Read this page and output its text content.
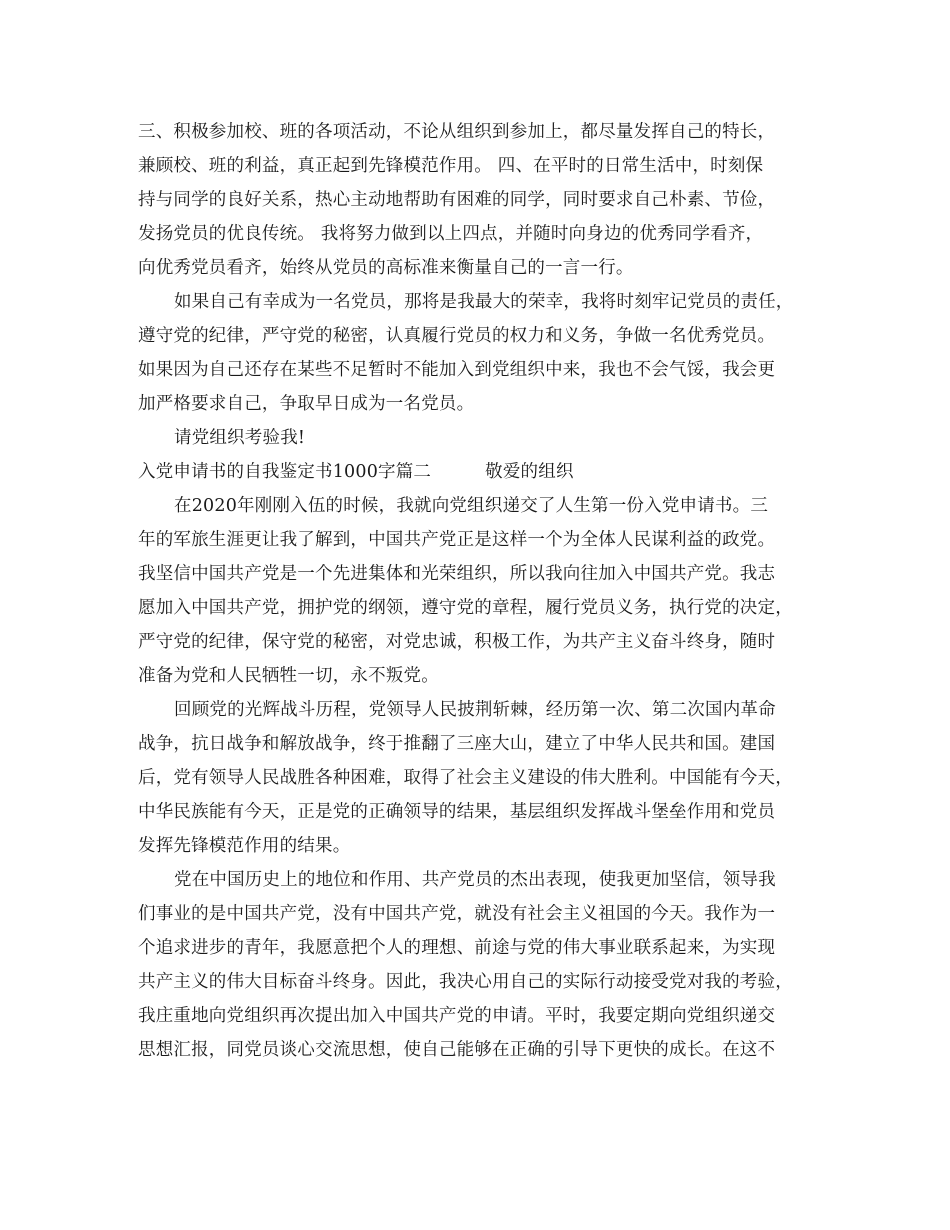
三、积极参加校、班的各项活动，不论从组织到参加上，都尽量发挥自己的特长，
兼顾校、班的利益，真正起到先锋模范作用。 四、在平时的日常生活中，时刻保
持与同学的良好关系，热心主动地帮助有困难的同学，同时要求自己朴素、节俭，
发扬党员的优良传统。 我将努力做到以上四点，并随时向身边的优秀同学看齐，
向优秀党员看齐，始终从党员的高标准来衡量自己的一言一行。
如果自己有幸成为一名党员，那将是我最大的荣幸，我将时刻牢记党员的责任，
遵守党的纪律，严守党的秘密，认真履行党员的权力和义务，争做一名优秀党员。
如果因为自己还存在某些不足暂时不能加入到党组织中来，我也不会气馁，我会更
加严格要求自己，争取早日成为一名党员。
请党组织考验我!
入党申请书的自我鉴定书1000字篇二	敬爱的组织
在2020年刚刚入伍的时候，我就向党组织递交了人生第一份入党申请书。三
年的军旅生涯更让我了解到，中国共产党正是这样一个为全体人民谋利益的政党。
我坚信中国共产党是一个先进集体和光荣组织，所以我向往加入中国共产党。我志
愿加入中国共产党，拥护党的纲领，遵守党的章程，履行党员义务，执行党的决定，
严守党的纪律，保守党的秘密，对党忠诚，积极工作，为共产主义奋斗终身，随时
准备为党和人民牺牲一切，永不叛党。
回顾党的光辉战斗历程，党领导人民披荆斩棘，经历第一次、第二次国内革命
战争，抗日战争和解放战争，终于推翻了三座大山，建立了中华人民共和国。建国
后，党有领导人民战胜各种困难，取得了社会主义建设的伟大胜利。中国能有今天，
中华民族能有今天，正是党的正确领导的结果，基层组织发挥战斗堡垒作用和党员
发挥先锋模范作用的结果。
党在中国历史上的地位和作用、共产党员的杰出表现，使我更加坚信，领导我
们事业的是中国共产党，没有中国共产党，就没有社会主义祖国的今天。我作为一
个追求进步的青年，我愿意把个人的理想、前途与党的伟大事业联系起来，为实现
共产主义的伟大目标奋斗终身。因此，我决心用自己的实际行动接受党对我的考验，
我庄重地向党组织再次提出加入中国共产党的申请。平时，我要定期向党组织递交
思想汇报，同党员谈心交流思想，使自己能够在正确的引导下更快的成长。在这不
